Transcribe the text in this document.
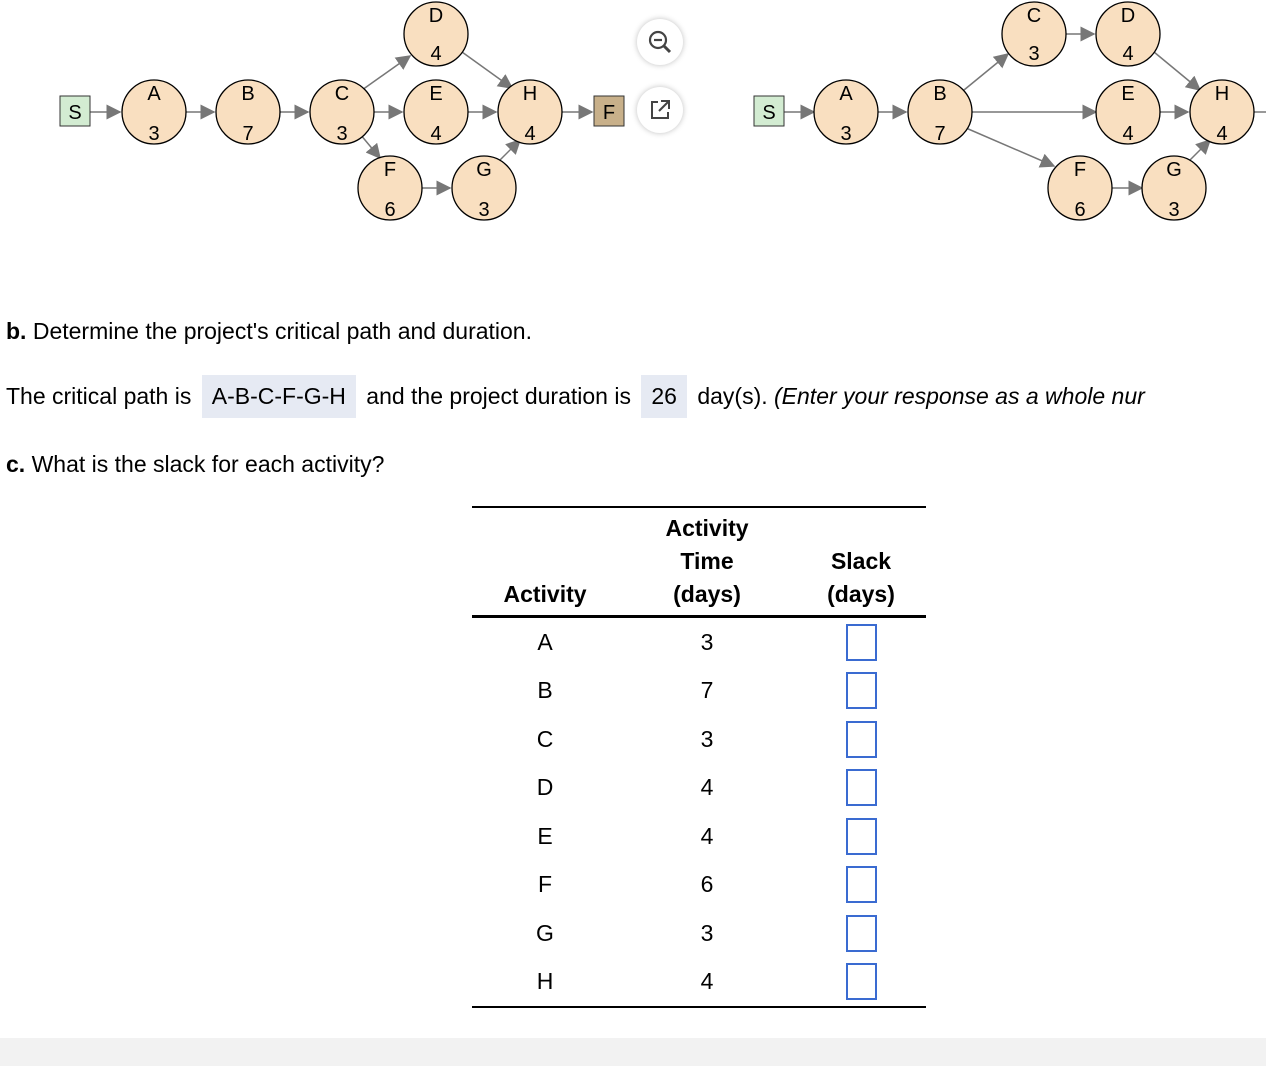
S
A
3
B
7
C
3
D
4
E
4
F
6
G
3
H
4
F	S
A
3
B
7
C
3
D
4
E
4
F
6
G
3
H
4
b. Determine the project's critical path and duration.
The critical path is A-B-C-F-G-H and the project duration is 26 day(s). (Enter your response as a whole nur
c. What is the slack for each activity?
Activity	Activity Time (days)	Slack (days)
A	3	
B	7	
C	3	
D	4	
E	4	
F	6	
G	3	
H	4	
